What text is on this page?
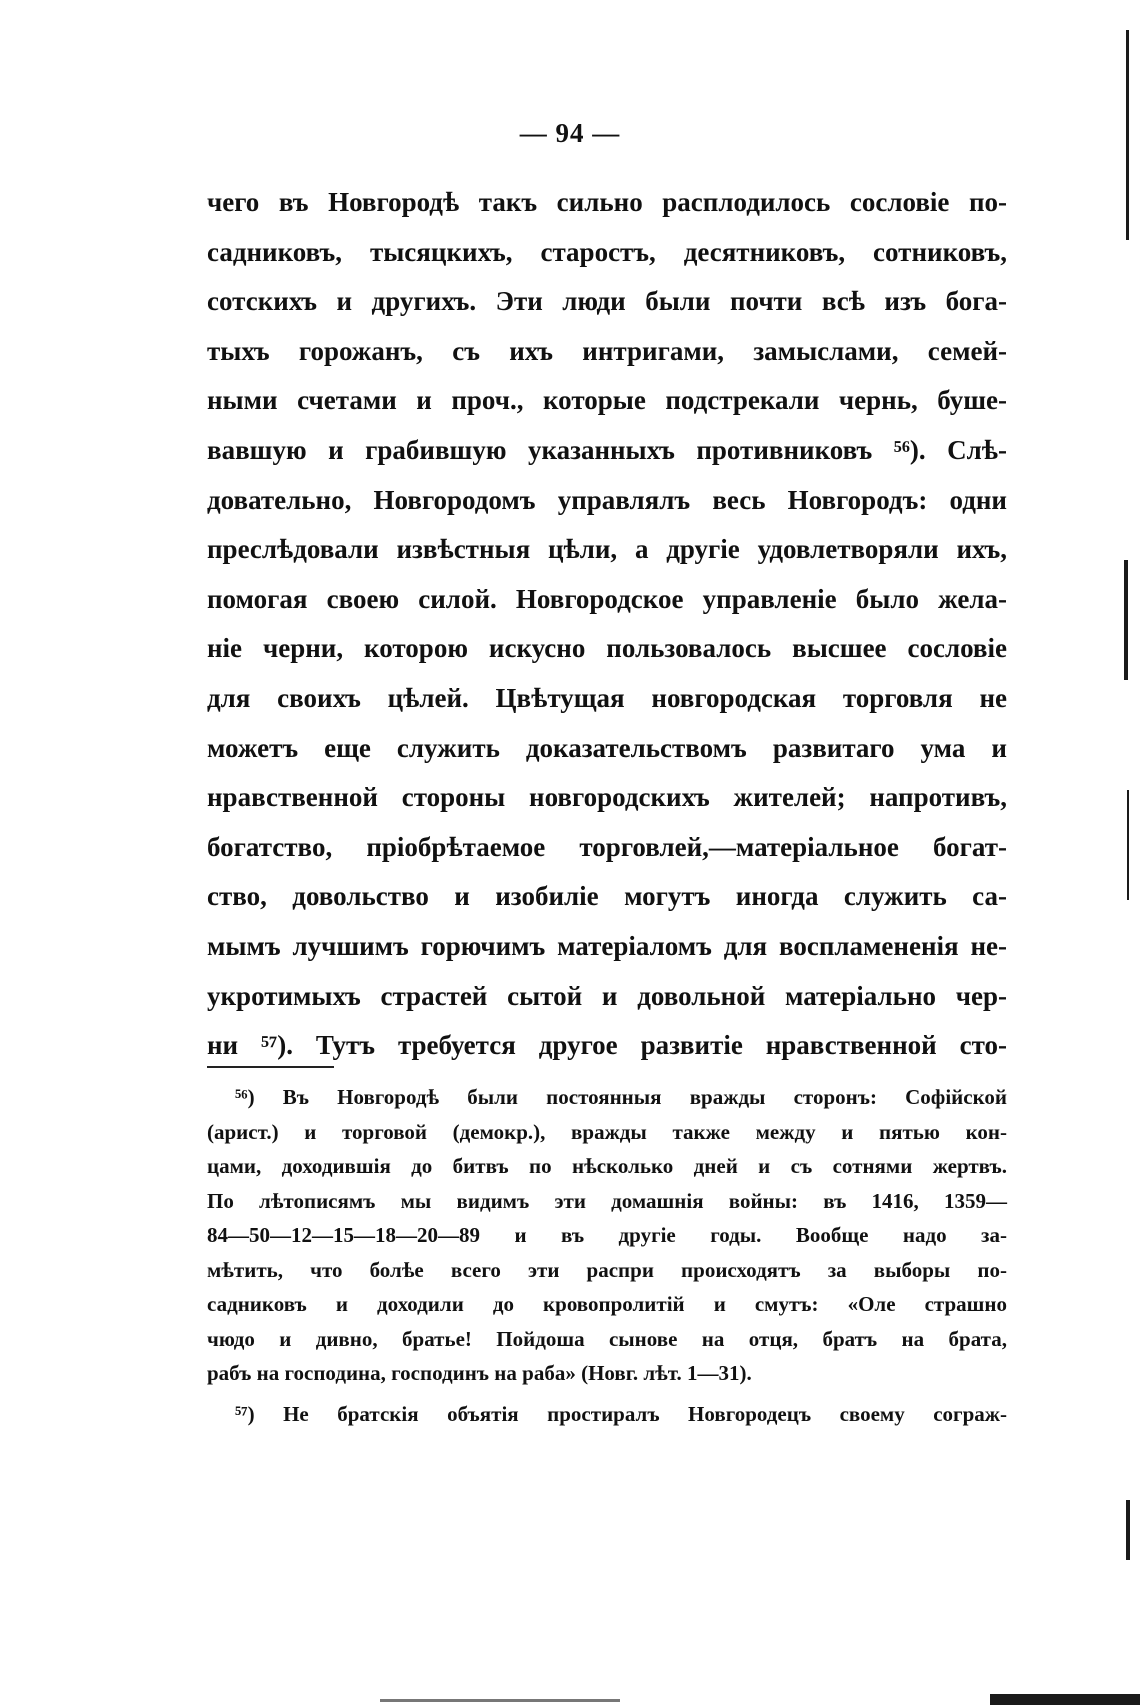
— 94 —
чего въ Новгородѣ такъ сильно расплодилось сословіе по-
садниковъ, тысяцкихъ, старостъ, десятниковъ, сотниковъ,
сотскихъ и другихъ. Эти люди были почти всѣ изъ бога-
тыхъ горожанъ, съ ихъ интригами, замыслами, семей-
ными счетами и проч., которые подстрекали чернь, буше-
вавшую и грабившую указанныхъ противниковъ ⁵⁶). Слѣ-
довательно, Новгородомъ управлялъ весь Новгородъ: одни
преслѣдовали извѣстныя цѣли, а другіе удовлетворяли ихъ,
помогая своею силой. Новгородское управленіе было жела-
ніе черни, которою искусно пользовалось высшее сословіе
для своихъ цѣлей. Цвѣтущая новгородская торговля не
можетъ еще служить доказательствомъ развитаго ума и
нравственной стороны новгородскихъ жителей; напротивъ,
богатство, пріобрѣтаемое торговлей,—матеріальное богат-
ство, довольство и изобиліе могутъ иногда служить са-
мымъ лучшимъ горючимъ матеріаломъ для воспламененія не-
укротимыхъ страстей сытой и довольной матеріально чер-
ни ⁵⁷). Тутъ требуется другое развитіе нравственной сто-
⁵⁶) Въ Новгородѣ были постоянныя вражды сторонъ: Софійской
(арист.) и торговой (демокр.), вражды также между и пятью кон-
цами, доходившія до битвъ по нѣсколько дней и съ сотнями жертвъ.
По лѣтописямъ мы видимъ эти домашнія войны: въ 1416, 1359—
84—50—12—15—18—20—89 и въ другіе годы. Вообще надо за-
мѣтить, что болѣе всего эти распри происходятъ за выборы по-
садниковъ и доходили до кровопролитій и смутъ: «Оле страшно
чюдо и дивно, братье! Пойдоша сынове на отця, братъ на брата,
рабъ на господина, господинъ на раба» (Новг. лѣт. 1—31).
⁵⁷) Не братскія объятія простиралъ Новгородецъ своему сограж-
